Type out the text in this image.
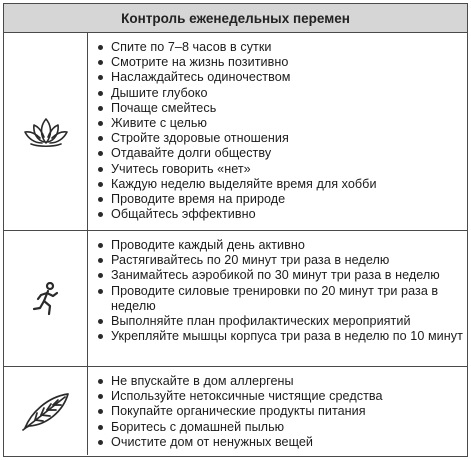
Контроль еженедельных перемен
Спите по 7–8 часов в сутки
Смотрите на жизнь позитивно
Наслаждайтесь одиночеством
Дышите глубоко
Почаще смейтесь
Живите с целью
Стройте здоровые отношения
Отдавайте долги обществу
Учитесь говорить «нет»
Каждую неделю выделяйте время для хобби
Проводите время на природе
Общайтесь эффективно
Проводите каждый день активно
Растягивайтесь по 20 минут три раза в неделю
Занимайтесь аэробикой по 30 минут три раза в неделю
Проводите силовые тренировки по 20 минут три раза в неделю
Выполняйте план профилактических мероприятий
Укрепляйте мышцы корпуса три раза в неделю по 10 минут
Не впускайте в дом аллергены
Используйте нетоксичные чистящие средства
Покупайте органические продукты питания
Боритесь с домашней пылью
Очистите дом от ненужных вещей
